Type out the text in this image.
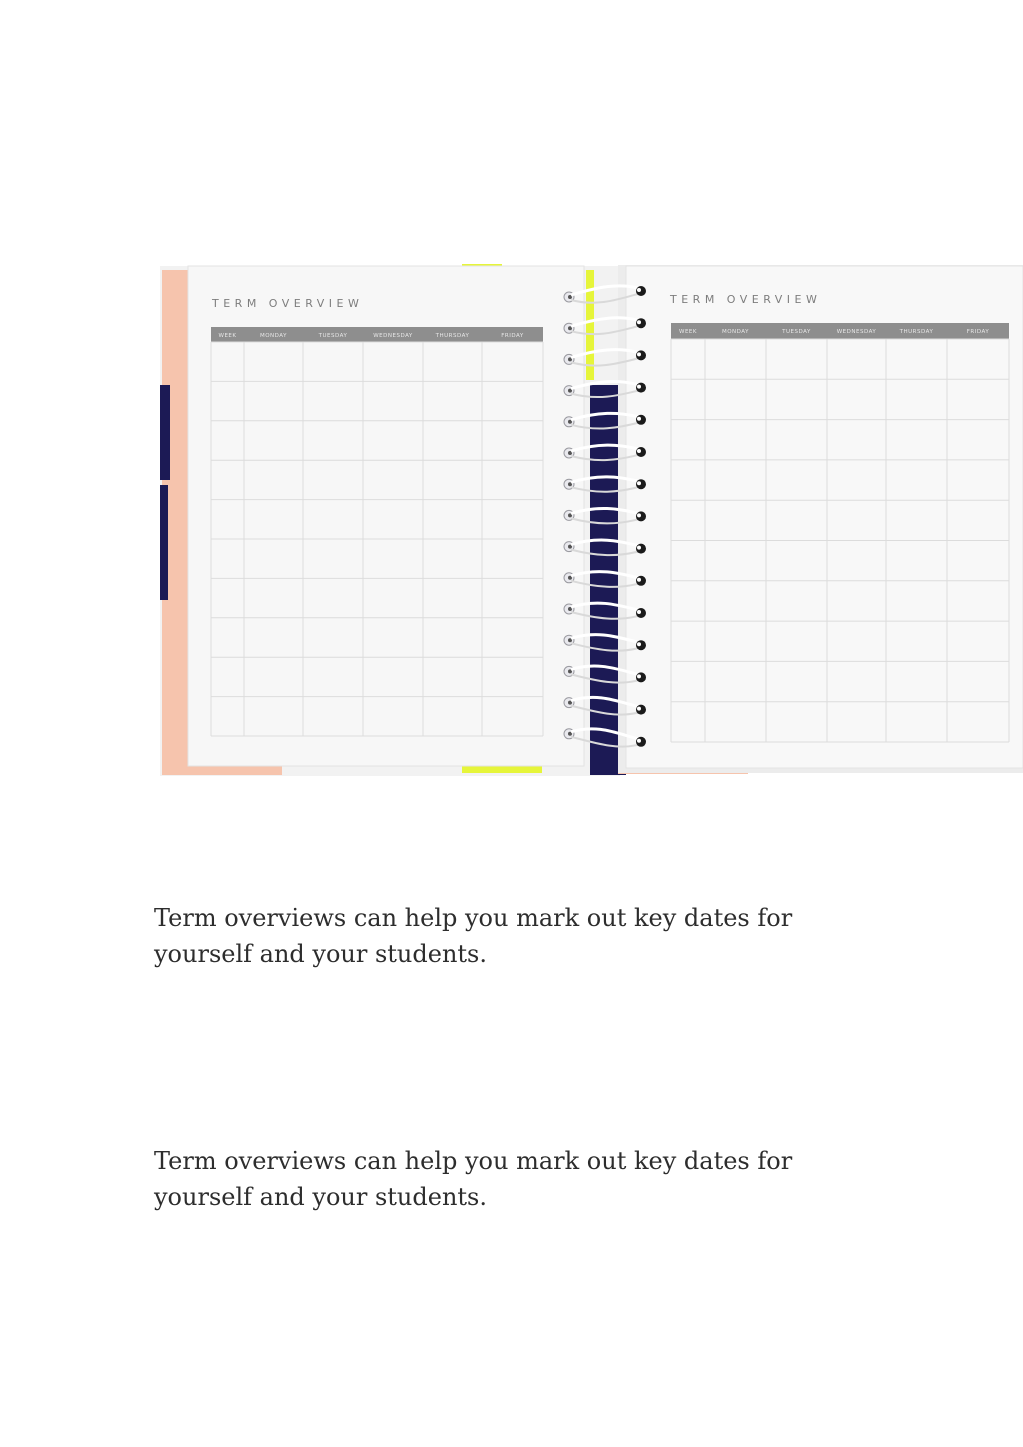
TERM OVERVIEW
WEEK	MONDAY	TUESDAY	WEDNESDAY	THURSDAY	FRIDAY
TERM OVERVIEW
WEEK	MONDAY	TUESDAY	WEDNESDAY	THURSDAY	FRIDAY

Term overviews can help you mark out key dates for yourself and your students.

Term overviews can help you mark out key dates for yourself and your students.
